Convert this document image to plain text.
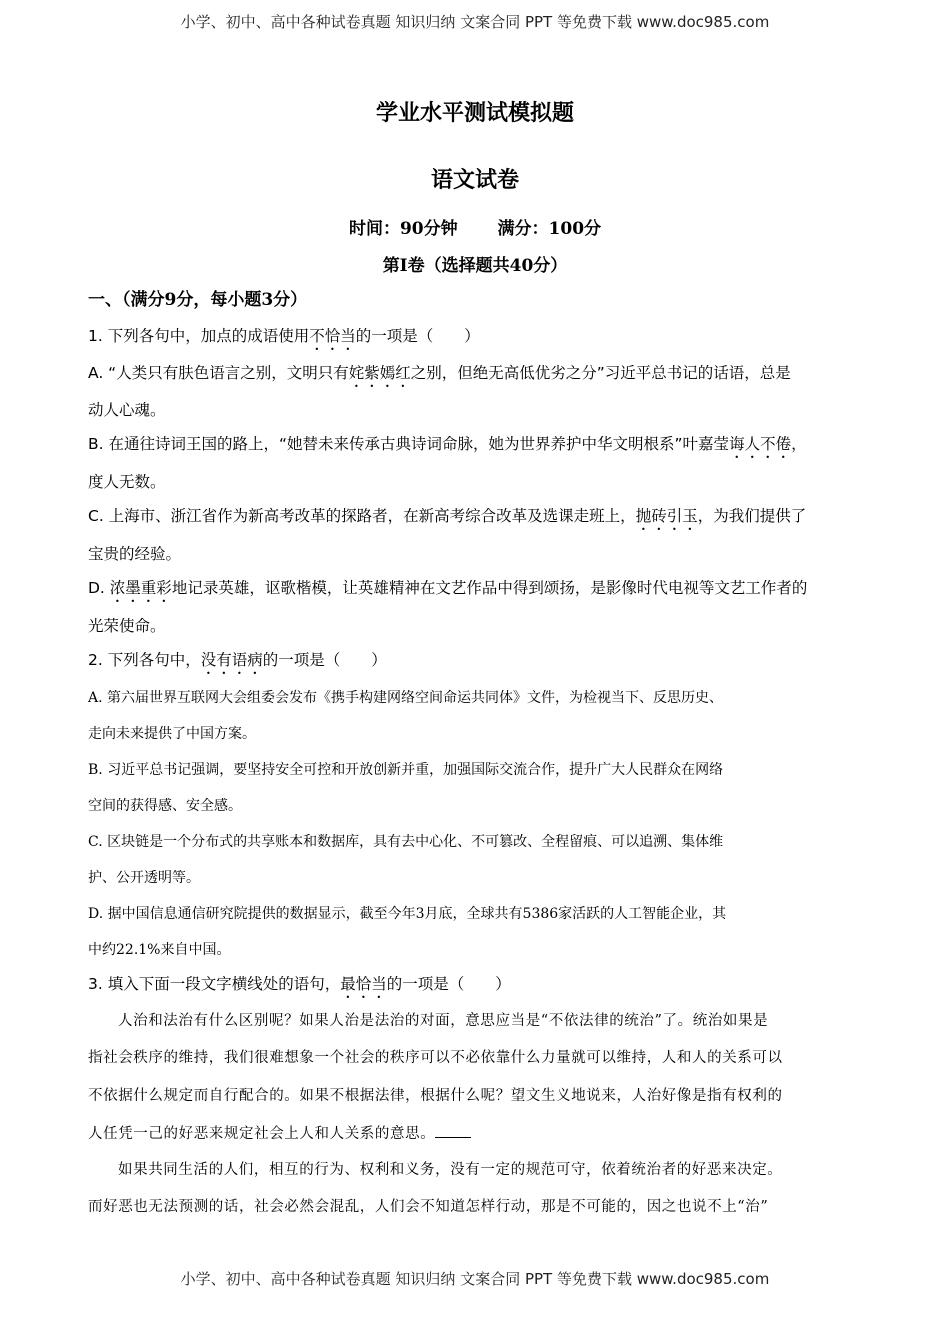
小学、初中、高中各种试卷真题 知识归纳 文案合同 PPT 等免费下载 www.doc985.com
学业水平测试模拟题
语文试卷
时间：90分钟　　 满分：100分
第Ⅰ卷（选择题共40分）
一、（满分9分，每小题3分）
1. 下列各句中，加点的成语使用不恰当的一项是（　　）
A. “人类只有肤色语言之别，文明只有姹紫嫣红之别，但绝无高低优劣之分”习近平总书记的话语，总是
动人心魂。
B. 在通往诗词王国的路上，“她替未来传承古典诗词命脉，她为世界养护中华文明根系”叶嘉莹诲人不倦，
度人无数。
C. 上海市、浙江省作为新高考改革的探路者，在新高考综合改革及选课走班上，抛砖引玉，为我们提供了
宝贵的经验。
D. 浓墨重彩地记录英雄，讴歌楷模，让英雄精神在文艺作品中得到颂扬，是影像时代电视等文艺工作者的
光荣使命。
2. 下列各句中，没有语病的一项是（　　）
A. 第六届世界互联网大会组委会发布《携手构建网络空间命运共同体》文件，为检视当下、反思历史、
走向未来提供了中国方案。
B. 习近平总书记强调，要坚持安全可控和开放创新并重，加强国际交流合作，提升广大人民群众在网络
空间的获得感、安全感。
C. 区块链是一个分布式的共享账本和数据库，具有去中心化、不可篡改、全程留痕、可以追溯、集体维
护、公开透明等。
D. 据中国信息通信研究院提供的数据显示，截至今年3月底，全球共有5386家活跃的人工智能企业，其
中约22.1%来自中国。
3. 填入下面一段文字横线处的语句，最恰当的一项是（　　）
人治和法治有什么区别呢？如果人治是法治的对面，意思应当是“不依法律的统治”了。统治如果是
指社会秩序的维持，我们很难想象一个社会的秩序可以不必依靠什么力量就可以维持，人和人的关系可以
不依据什么规定而自行配合的。如果不根据法律，根据什么呢？望文生义地说来，人治好像是指有权利的
人任凭一己的好恶来规定社会上人和人关系的意思。
如果共同生活的人们，相互的行为、权利和义务，没有一定的规范可守，依着统治者的好恶来决定。
而好恶也无法预测的话，社会必然会混乱，人们会不知道怎样行动，那是不可能的，因之也说不上“治”
小学、初中、高中各种试卷真题 知识归纳 文案合同 PPT 等免费下载 www.doc985.com
